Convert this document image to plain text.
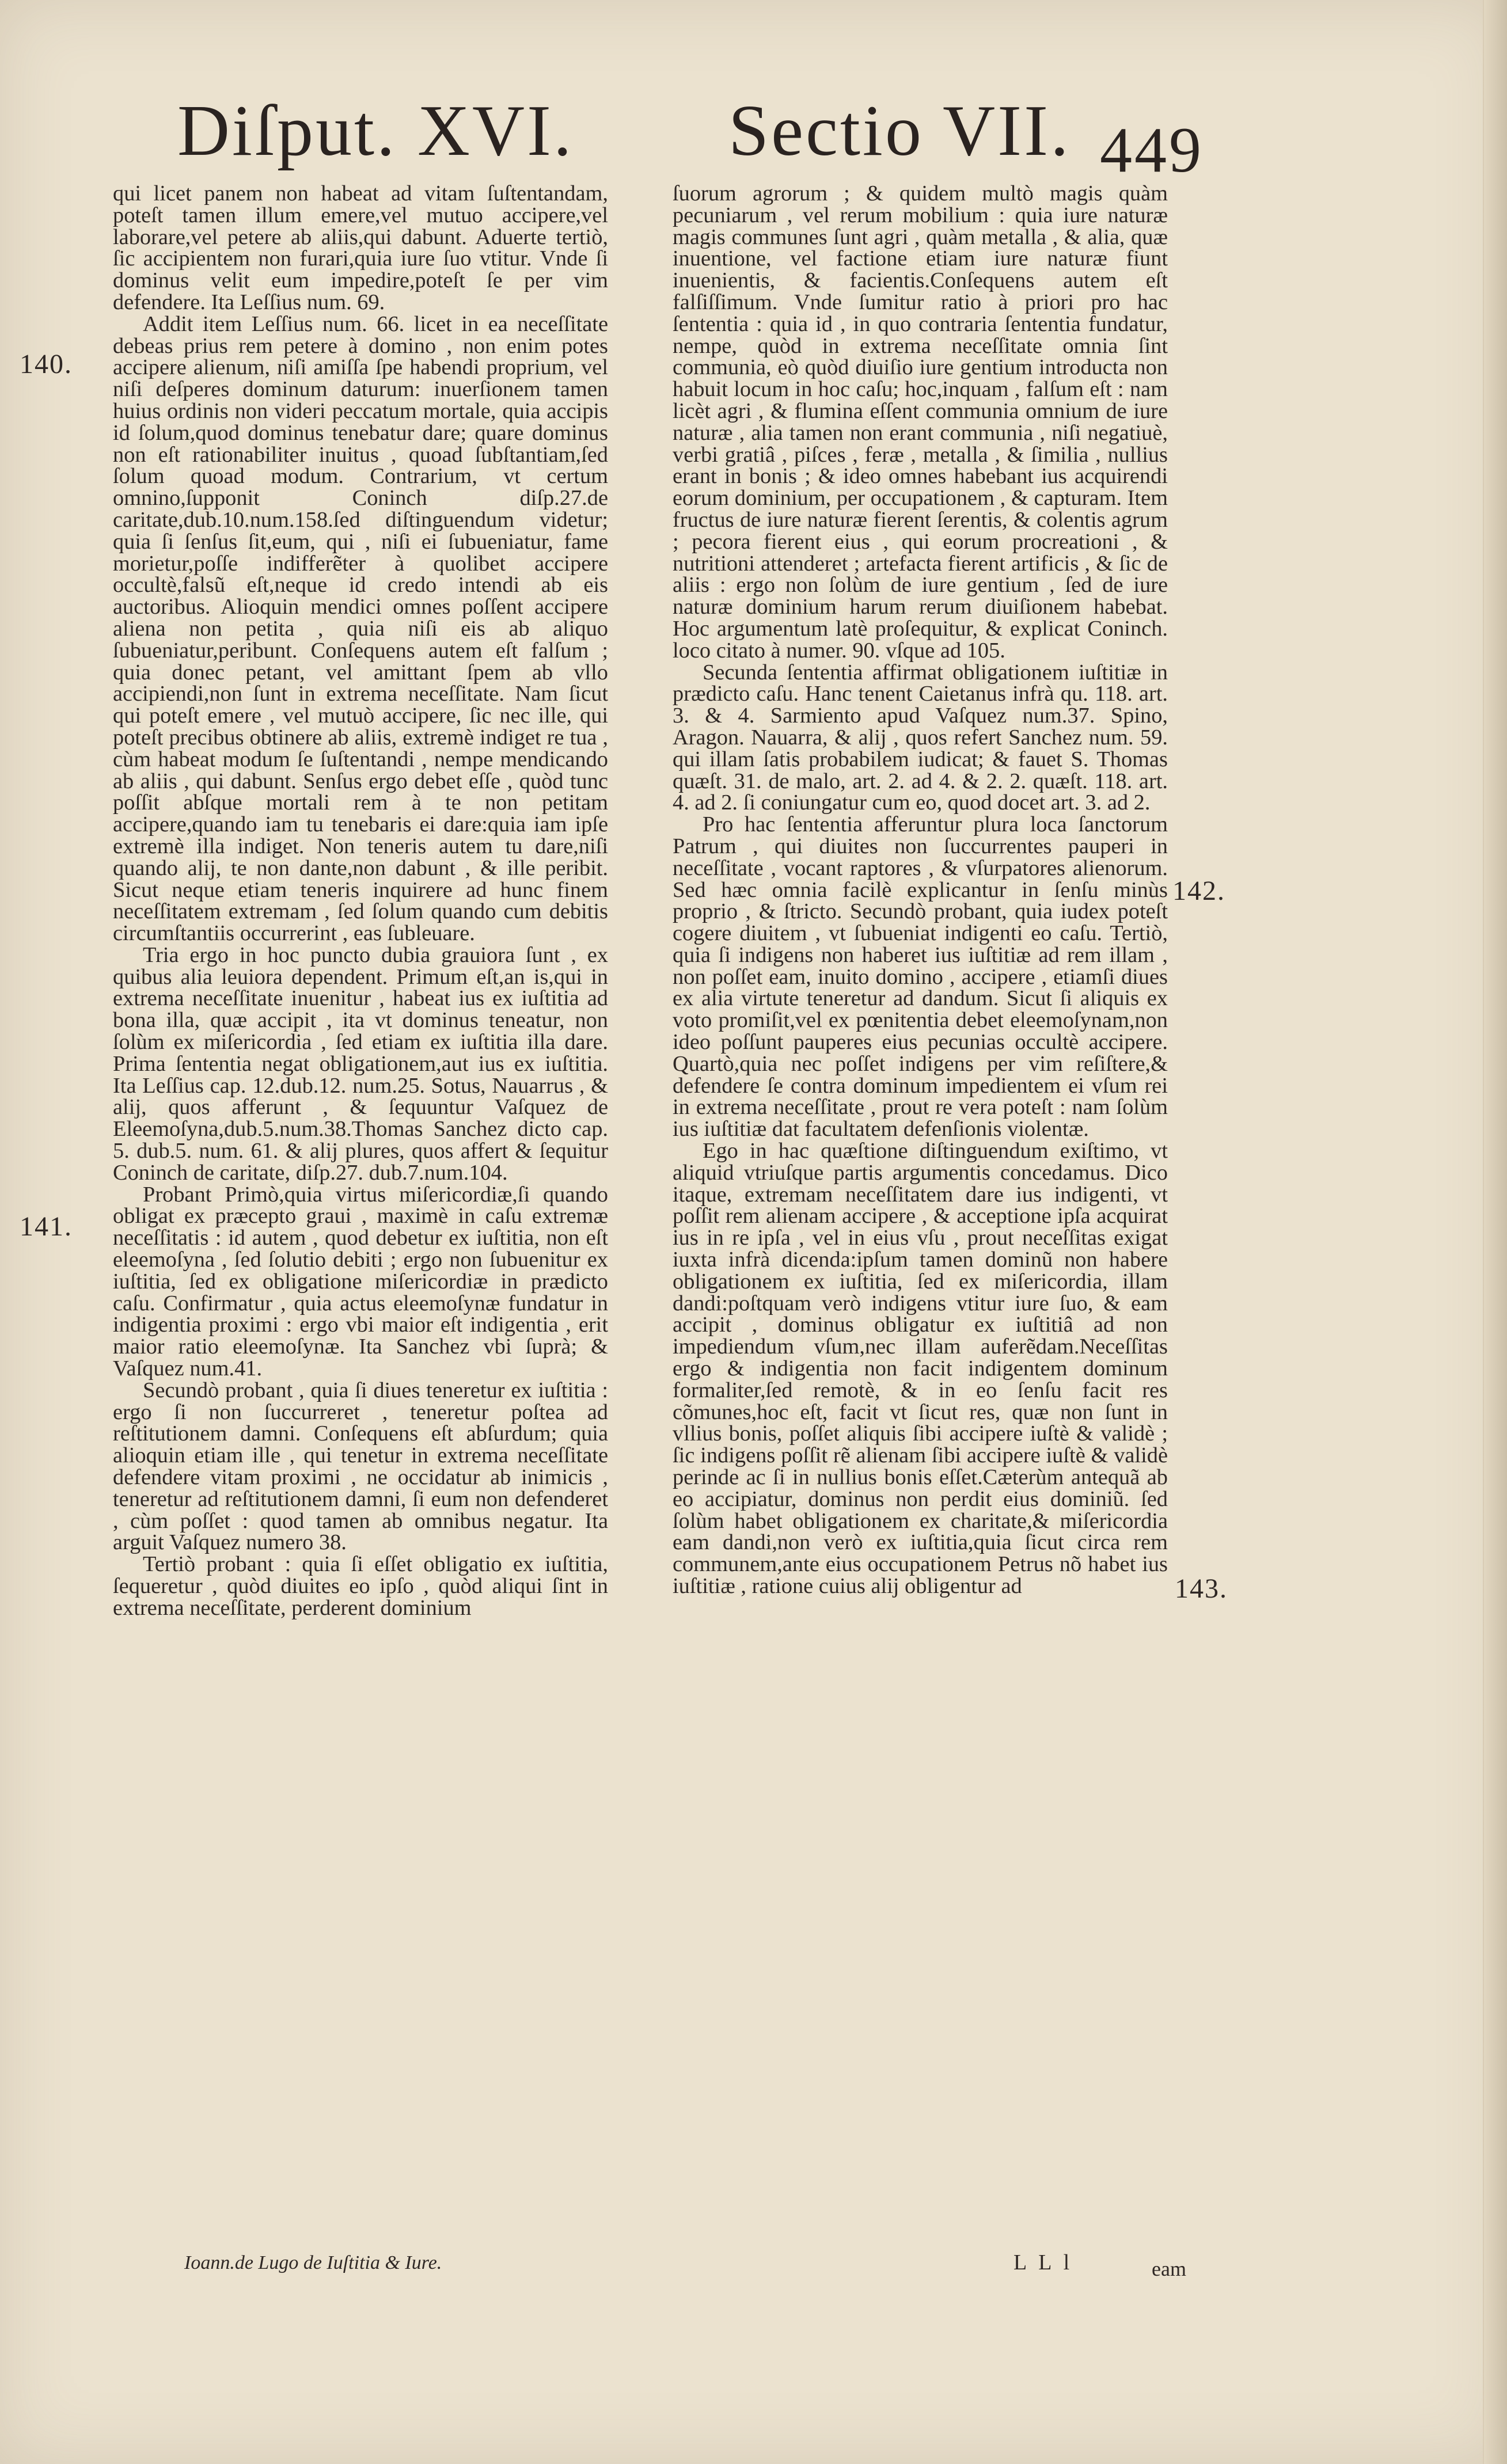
Diſput. XVI. Sectio VII. 449
140.
141.
142.
143.

qui licet panem non habeat ad vitam ſuſtentandam, poteſt tamen illum emere,vel mutuo accipere,vel laborare,vel petere ab aliis,qui dabunt. Aduerte tertiò, ſic accipientem non furari,quia iure ſuo vtitur. Vnde ſi dominus velit eum impedire,poteſt ſe per vim defendere. Ita Leſſius num. 69.

Addit item Leſſius num. 66. licet in ea neceſſitate debeas prius rem petere à domino , non enim potes accipere alienum, niſi amiſſa ſpe habendi proprium, vel niſi deſperes dominum daturum: inuerſionem tamen huius ordinis non videri peccatum mortale, quia accipis id ſolum,quod dominus tenebatur dare; quare dominus non eſt rationabiliter inuitus , quoad ſubſtantiam,ſed ſolum quoad modum. Contrarium, vt certum omnino,ſupponit Coninch diſp.27.de caritate,dub.10.num.158.ſed diſtinguendum videtur; quia ſi ſenſus ſit,eum, qui , niſi ei ſubueniatur, fame morietur,poſſe indifferẽter à quolibet accipere occultè,falsũ eſt,neque id credo intendi ab eis auctoribus. Alioquin mendici omnes poſſent accipere aliena non petita , quia niſi eis ab aliquo ſubueniatur,peribunt. Conſequens autem eſt falſum ; quia donec petant, vel amittant ſpem ab vllo accipiendi,non ſunt in extrema neceſſitate. Nam ſicut qui poteſt emere , vel mutuò accipere, ſic nec ille, qui poteſt precibus obtinere ab aliis, extremè indiget re tua , cùm habeat modum ſe ſuſtentandi , nempe mendicando ab aliis , qui dabunt. Senſus ergo debet eſſe , quòd tunc poſſit abſque mortali rem à te non petitam accipere,quando iam tu tenebaris ei dare:quia iam ipſe extremè illa indiget. Non teneris autem tu dare,niſi quando alij, te non dante,non dabunt , & ille peribit. Sicut neque etiam teneris inquirere ad hunc finem neceſſitatem extremam , ſed ſolum quando cum debitis circumſtantiis occurrerint , eas ſubleuare.

Tria ergo in hoc puncto dubia grauiora ſunt , ex quibus alia leuiora dependent. Primum eſt,an is,qui in extrema neceſſitate inuenitur , habeat ius ex iuſtitia ad bona illa, quæ accipit , ita vt dominus teneatur, non ſolùm ex miſericordia , ſed etiam ex iuſtitia illa dare. Prima ſententia negat obligationem,aut ius ex iuſtitia. Ita Leſſius cap. 12.dub.12. num.25. Sotus, Nauarrus , & alij, quos afferunt , & ſequuntur Vaſquez de Eleemoſyna,dub.5.num.38.Thomas Sanchez dicto cap. 5. dub.5. num. 61. & alij plures, quos affert & ſequitur Coninch de caritate, diſp.27. dub.7.num.104.

Probant Primò,quia virtus miſericordiæ,ſi quando obligat ex præcepto graui , maximè in caſu extremæ neceſſitatis : id autem , quod debetur ex iuſtitia, non eſt eleemoſyna , ſed ſolutio debiti ; ergo non ſubuenitur ex iuſtitia, ſed ex obligatione miſericordiæ in prædicto caſu. Confirmatur , quia actus eleemoſynæ fundatur in indigentia proximi : ergo vbi maior eſt indigentia , erit maior ratio eleemoſynæ. Ita Sanchez vbi ſuprà; & Vaſquez num.41.

Secundò probant , quia ſi diues teneretur ex iuſtitia : ergo ſi non ſuccurreret , teneretur poſtea ad reſtitutionem damni. Conſequens eſt abſurdum; quia alioquin etiam ille , qui tenetur in extrema neceſſitate defendere vitam proximi , ne occidatur ab inimicis , teneretur ad reſtitutionem damni, ſi eum non defenderet , cùm poſſet : quod tamen ab omnibus negatur. Ita arguit Vaſquez numero 38.

Tertiò probant : quia ſi eſſet obligatio ex iuſtitia, ſequeretur , quòd diuites eo ipſo , quòd aliqui ſint in extrema neceſſitate, perderent dominium

ſuorum agrorum ; & quidem multò magis quàm pecuniarum , vel rerum mobilium : quia iure naturæ magis communes ſunt agri , quàm metalla , & alia, quæ inuentione, vel factione etiam iure naturæ fiunt inuenientis, & facientis.Conſequens autem eſt falſiſſimum. Vnde ſumitur ratio à priori pro hac ſententia : quia id , in quo contraria ſententia fundatur, nempe, quòd in extrema neceſſitate omnia ſint communia, eò quòd diuiſio iure gentium introducta non habuit locum in hoc caſu; hoc,inquam , falſum eſt : nam licèt agri , & flumina eſſent communia omnium de iure naturæ , alia tamen non erant communia , niſi negatiuè, verbi gratiâ , piſces , feræ , metalla , & ſimilia , nullius erant in bonis ; & ideo omnes habebant ius acquirendi eorum dominium, per occupationem , & capturam. Item fructus de iure naturæ fierent ſerentis, & colentis agrum ; pecora fierent eius , qui eorum procreationi , & nutritioni attenderet ; artefacta fierent artificis , & ſic de aliis : ergo non ſolùm de iure gentium , ſed de iure naturæ dominium harum rerum diuiſionem habebat. Hoc argumentum latè proſequitur, & explicat Coninch. loco citato à numer. 90. vſque ad 105.

Secunda ſententia affirmat obligationem iuſtitiæ in prædicto caſu. Hanc tenent Caietanus infrà qu. 118. art. 3. & 4. Sarmiento apud Vaſquez num.37. Spino, Aragon. Nauarra, & alij , quos refert Sanchez num. 59. qui illam ſatis probabilem iudicat; & fauet S. Thomas quæſt. 31. de malo, art. 2. ad 4. & 2. 2. quæſt. 118. art. 4. ad 2. ſi coniungatur cum eo, quod docet art. 3. ad 2.

Pro hac ſententia afferuntur plura loca ſanctorum Patrum , qui diuites non ſuccurrentes pauperi in neceſſitate , vocant raptores , & vſurpatores alienorum. Sed hæc omnia facilè explicantur in ſenſu minùs proprio , & ſtricto. Secundò probant, quia iudex poteſt cogere diuitem , vt ſubueniat indigenti eo caſu. Tertiò, quia ſi indigens non haberet ius iuſtitiæ ad rem illam , non poſſet eam, inuito domino , accipere , etiamſi diues ex alia virtute teneretur ad dandum. Sicut ſi aliquis ex voto promiſit,vel ex pœnitentia debet eleemoſynam,non ideo poſſunt pauperes eius pecunias occultè accipere. Quartò,quia nec poſſet indigens per vim reſiſtere,& defendere ſe contra dominum impedientem ei vſum rei in extrema neceſſitate , prout re vera poteſt : nam ſolùm ius iuſtitiæ dat facultatem defenſionis violentæ.

Ego in hac quæſtione diſtinguendum exiſtimo, vt aliquid vtriuſque partis argumentis concedamus. Dico itaque, extremam neceſſitatem dare ius indigenti, vt poſſit rem alienam accipere , & acceptione ipſa acquirat ius in re ipſa , vel in eius vſu , prout neceſſitas exigat iuxta infrà dicenda:ipſum tamen dominũ non habere obligationem ex iuſtitia, ſed ex miſericordia, illam dandi:poſtquam verò indigens vtitur iure ſuo, & eam accipit , dominus obligatur ex iuſtitiâ ad non impediendum vſum,nec illam auferẽdam.Neceſſitas ergo & indigentia non facit indigentem dominum formaliter,ſed remotè, & in eo ſenſu facit res cõmunes,hoc eſt, facit vt ſicut res, quæ non ſunt in vllius bonis, poſſet aliquis ſibi accipere iuſtè & validè ; ſic indigens poſſit rẽ alienam ſibi accipere iuſtè & validè perinde ac ſi in nullius bonis eſſet.Cæterùm antequã ab eo accipiatur, dominus non perdit eius dominiũ. ſed ſolùm habet obligationem ex charitate,& miſericordia eam dandi,non verò ex iuſtitia,quia ſicut circa rem communem,ante eius occupationem Petrus nõ habet ius iuſtitiæ , ratione cuius alij obligentur ad

Ioann.de Lugo de Iuſtitia & Iure.	L L l	eam
